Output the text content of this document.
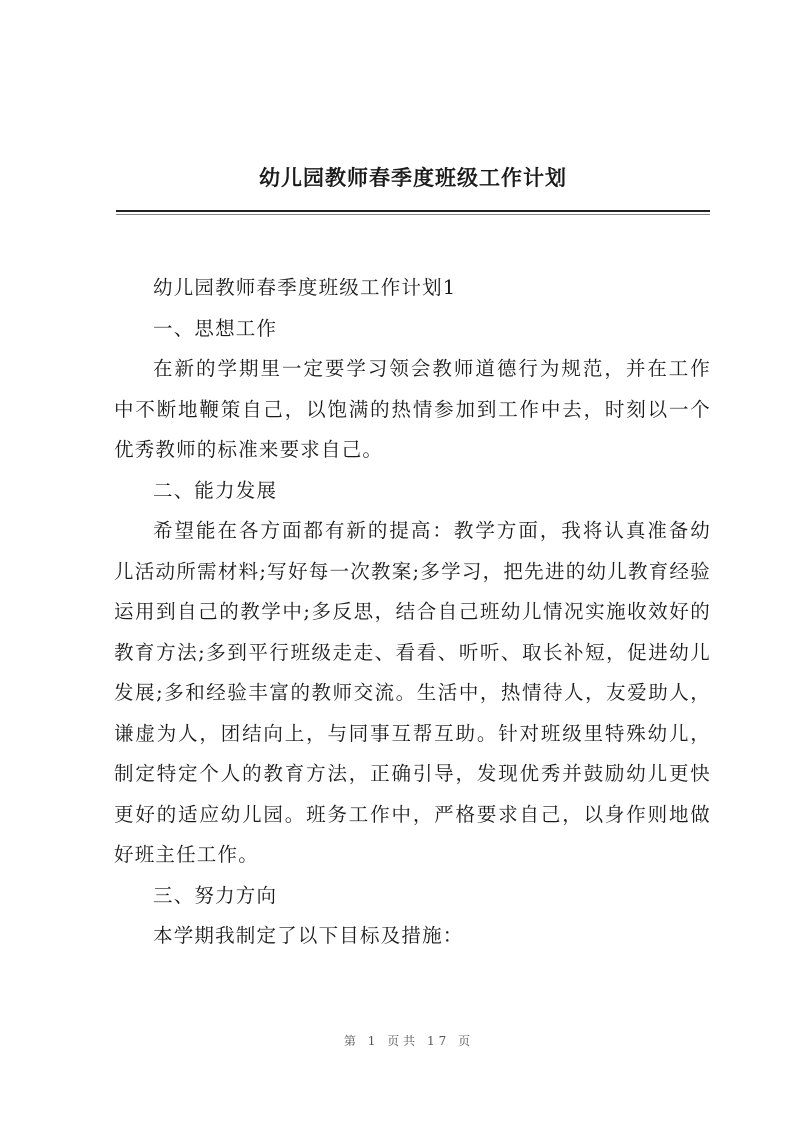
幼儿园教师春季度班级工作计划

幼儿园教师春季度班级工作计划1

一、思想工作

在新的学期里一定要学习领会教师道德行为规范，并在工作中不断地鞭策自己，以饱满的热情参加到工作中去，时刻以一个优秀教师的标准来要求自己。

二、能力发展

希望能在各方面都有新的提高：教学方面，我将认真准备幼儿活动所需材料;写好每一次教案;多学习，把先进的幼儿教育经验运用到自己的教学中;多反思，结合自己班幼儿情况实施收效好的教育方法;多到平行班级走走、看看、听听、取长补短，促进幼儿发展;多和经验丰富的教师交流。生活中，热情待人，友爱助人，谦虚为人，团结向上，与同事互帮互助。针对班级里特殊幼儿，制定特定个人的教育方法，正确引导，发现优秀并鼓励幼儿更快更好的适应幼儿园。班务工作中，严格要求自己，以身作则地做好班主任工作。

三、努力方向

本学期我制定了以下目标及措施：

第 1 页共 17 页
